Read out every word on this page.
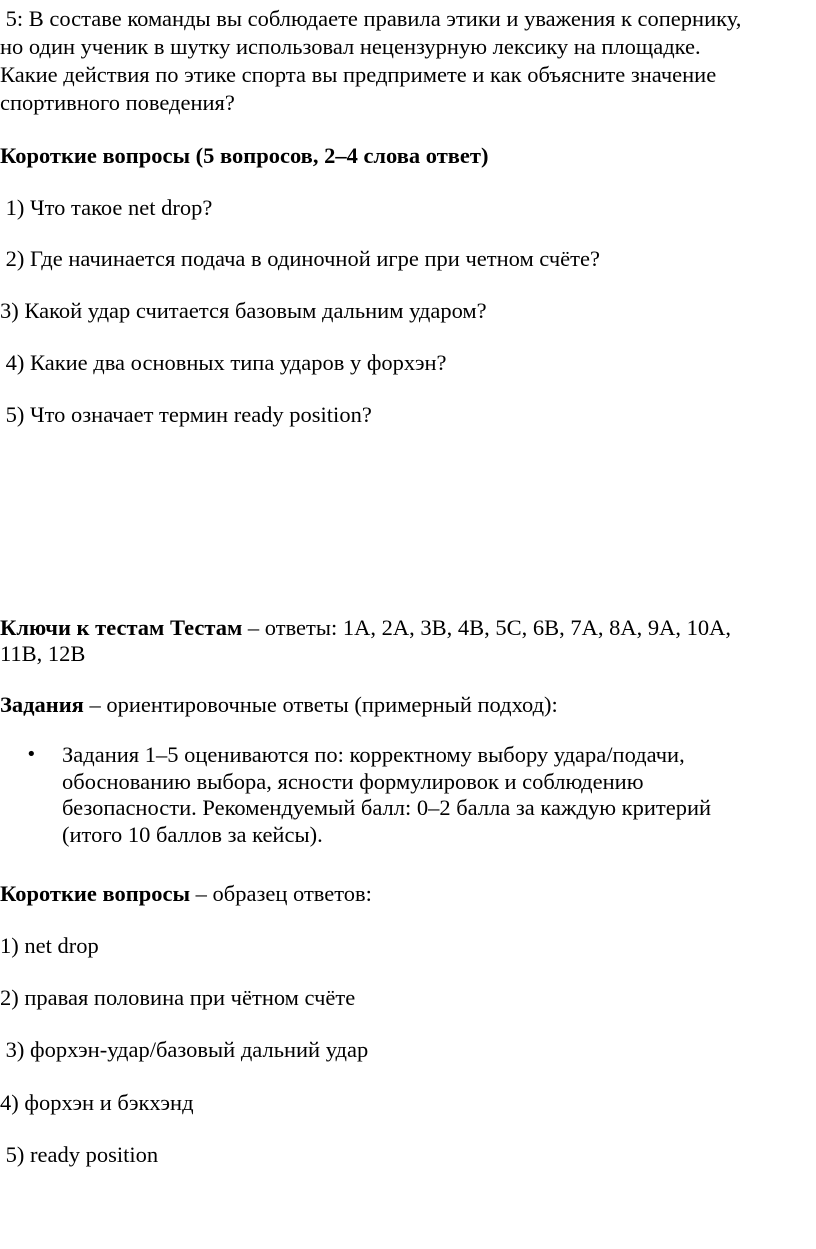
5: В составе команды вы соблюдаете правила этики и уважения к сопернику,

но один ученик в шутку использовал нецензурную лексику на площадке.

Какие действия по этике спорта вы предпримете и как объясните значение

спортивного поведения?

Короткие вопросы (5 вопросов, 2–4 слова ответ)

1) Что такое net drop?

2) Где начинается подача в одиночной игре при четном счёте?

3) Какой удар считается базовым дальним ударом?

4) Какие два основных типа ударов у форхэн?

5) Что означает термин ready position?

Ключи к тестам Тестам – ответы: 1A, 2A, 3B, 4B, 5C, 6B, 7A, 8A, 9A, 10A,

11B, 12B

Задания – ориентировочные ответы (примерный подход):

• Задания 1–5 оцениваются по: корректному выбору удара/подачи,
обоснованию выбора, ясности формулировок и соблюдению
безопасности. Рекомендуемый балл: 0–2 балла за каждую критерий
(итого 10 баллов за кейсы).

Короткие вопросы – образец ответов:

1) net drop

2) правая половина при чётном счёте

3) форхэн-удар/базовый дальний удар

4) форхэн и бэкхэнд

5) ready position
